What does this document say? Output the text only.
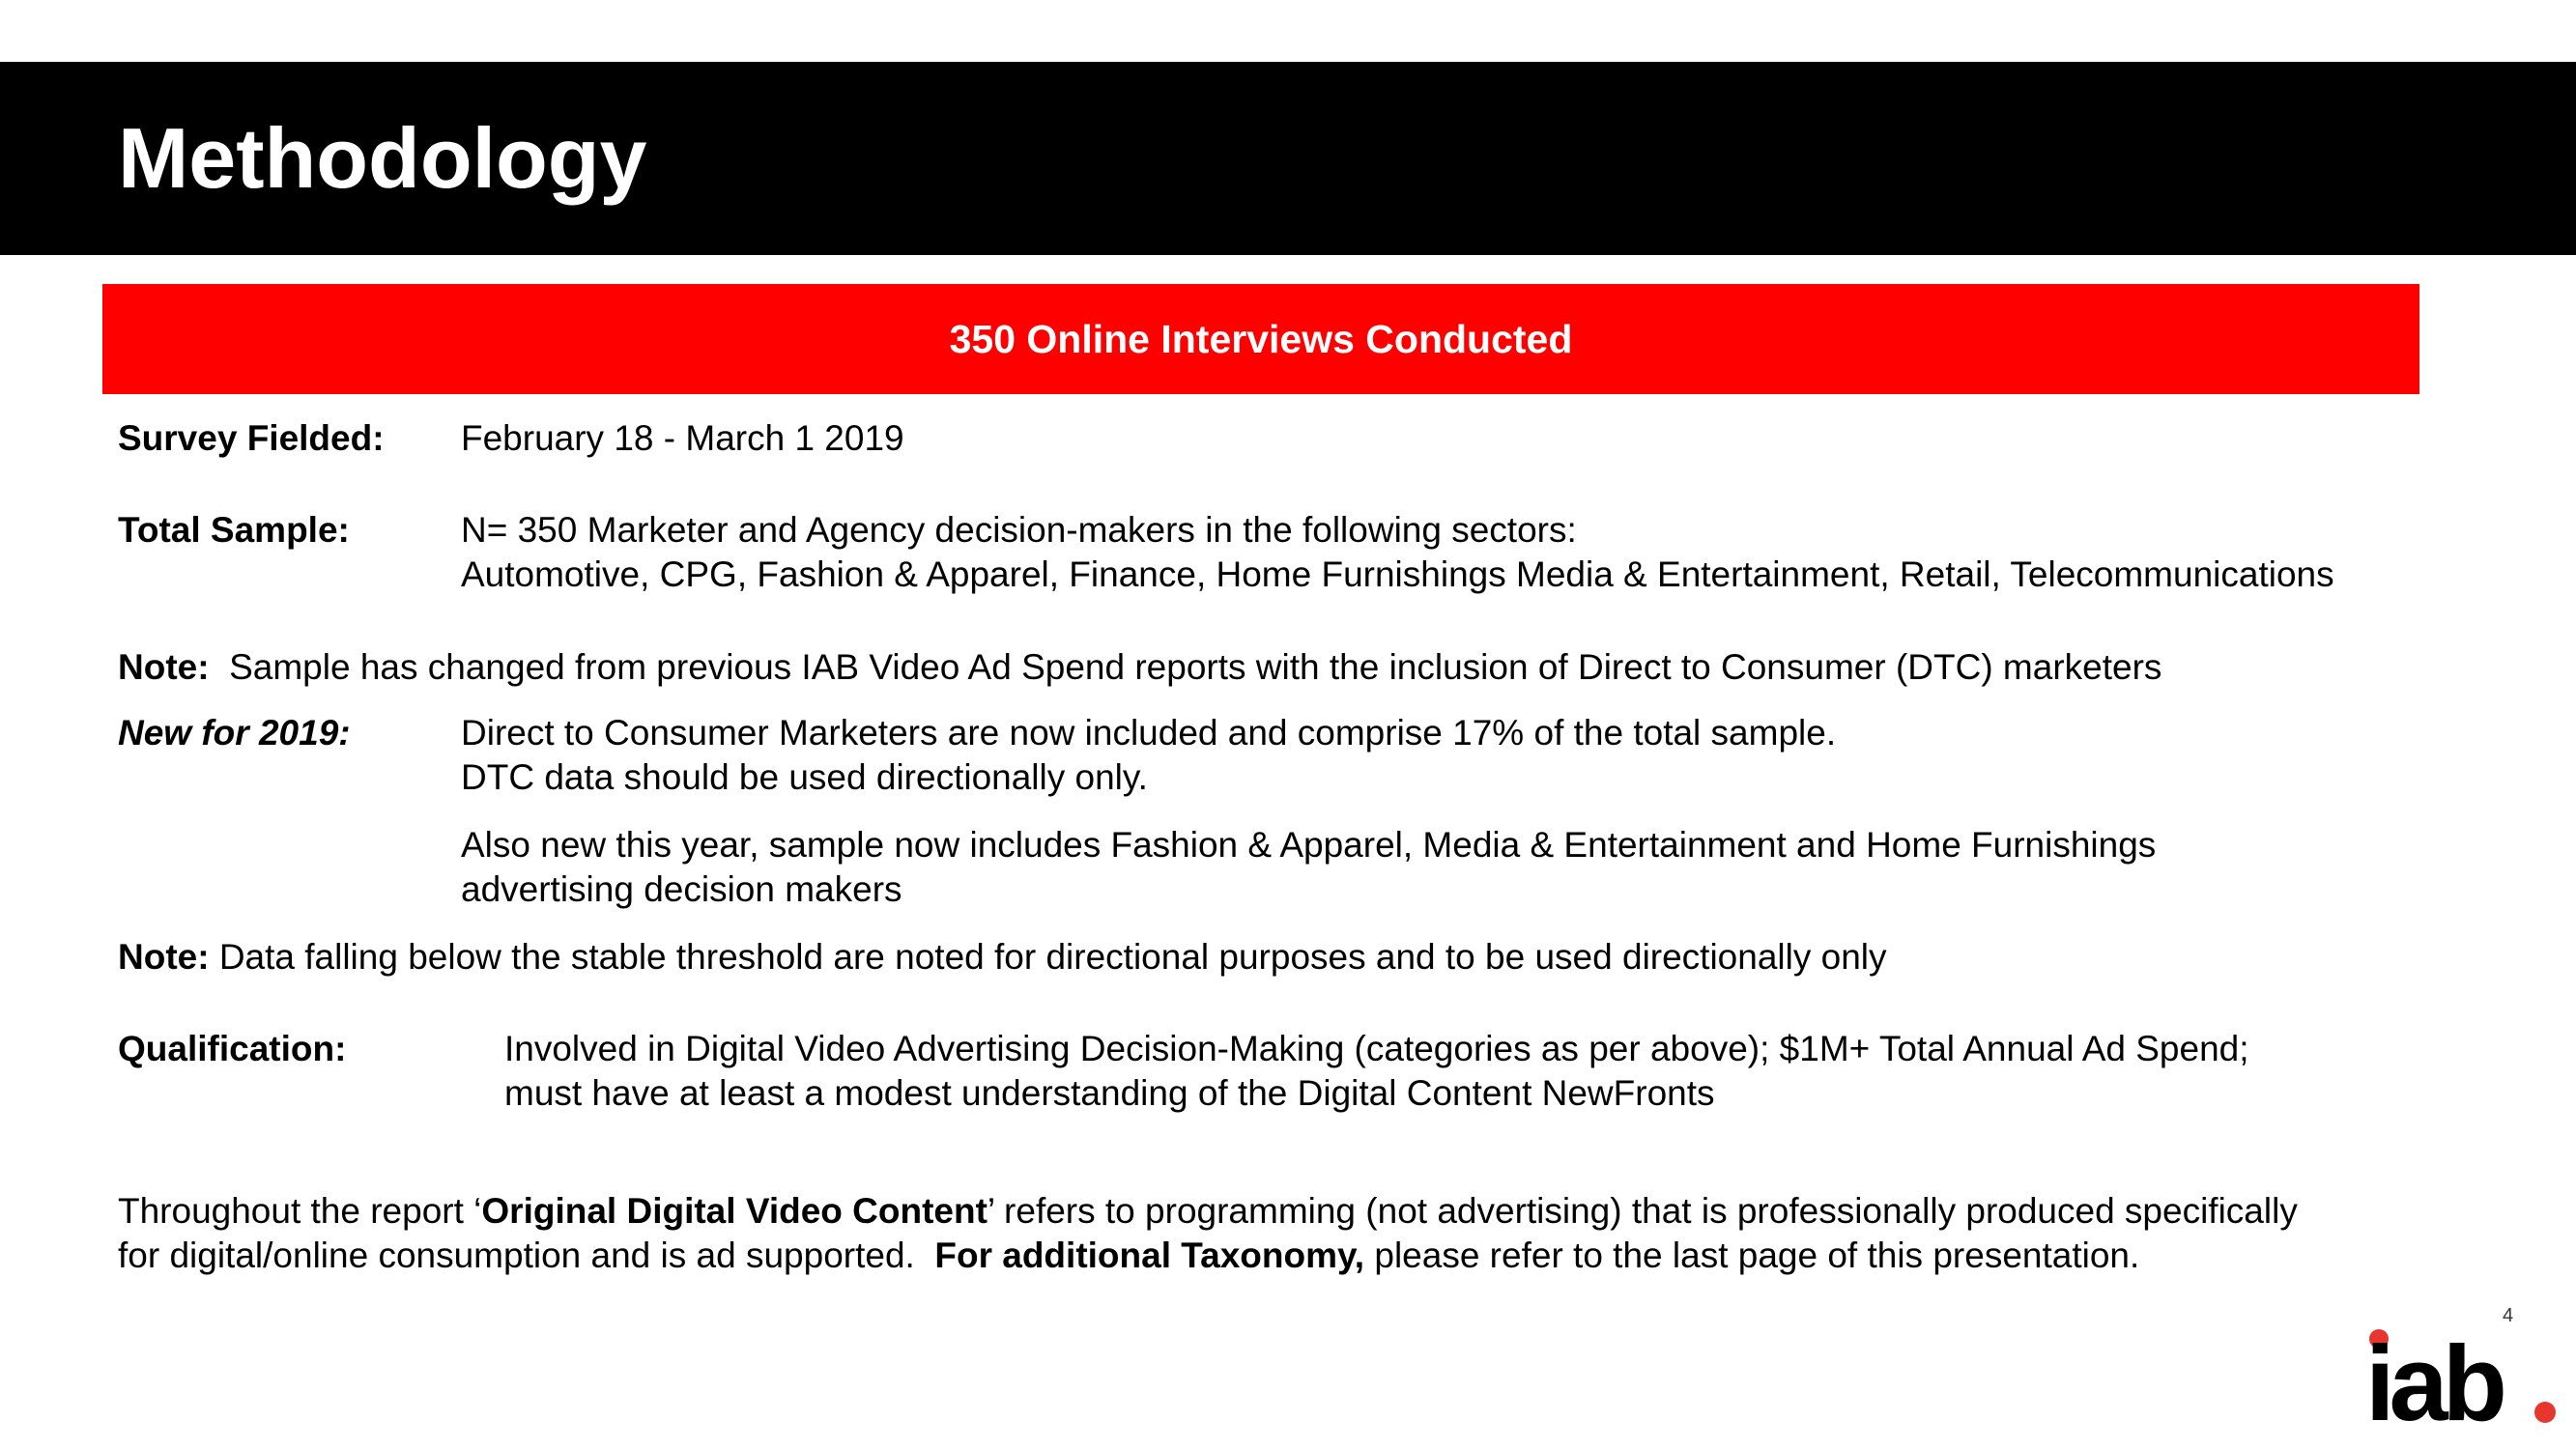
Methodology
350 Online Interviews Conducted
Survey Fielded: February 18 - March 1 2019
Total Sample:	N= 350 Marketer and Agency decision-makers in the following sectors:
Automotive, CPG, Fashion & Apparel, Finance, Home Furnishings Media & Entertainment, Retail, Telecommunications
Note: Sample has changed from previous IAB Video Ad Spend reports with the inclusion of Direct to Consumer (DTC) marketers
New for 2019:	Direct to Consumer Marketers are now included and comprise 17% of the total sample.
DTC data should be used directionally only.
Also new this year, sample now includes Fashion & Apparel, Media & Entertainment and Home Furnishings
advertising decision makers
Note: Data falling below the stable threshold are noted for directional purposes and to be used directionally only
Qualification:	Involved in Digital Video Advertising Decision-Making (categories as per above); $1M+ Total Annual Ad Spend;
must have at least a modest understanding of the Digital Content NewFronts
Throughout the report ‘Original Digital Video Content’ refers to programming (not advertising) that is professionally produced specifically
for digital/online consumption and is ad supported.  For additional Taxonomy, please refer to the last page of this presentation.
4
iab
